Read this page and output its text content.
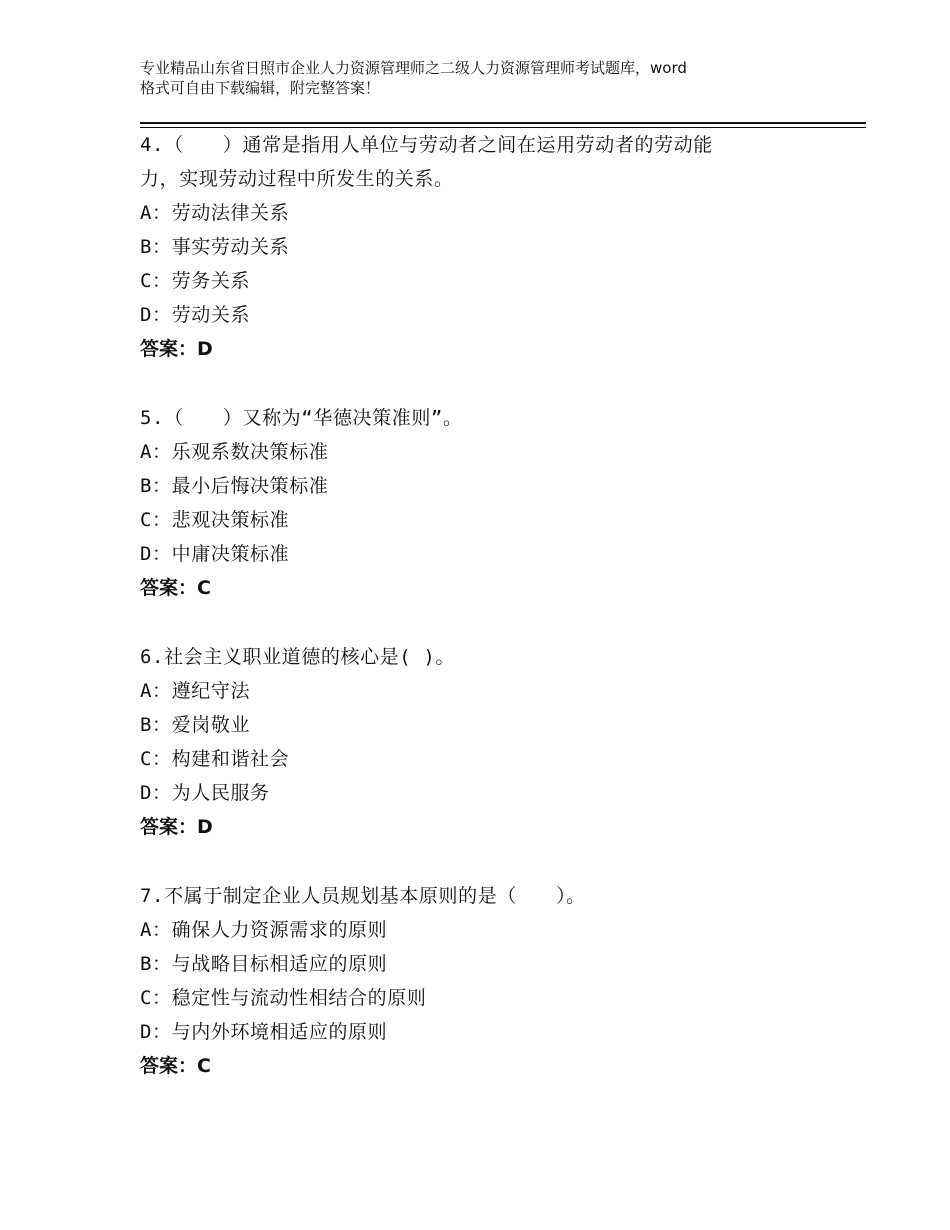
专业精品山东省日照市企业人力资源管理师之二级人力资源管理师考试题库，word
格式可自由下载编辑，附完整答案！
4.（　　）通常是指用人单位与劳动者之间在运用劳动者的劳动能
力，实现劳动过程中所发生的关系。
A：劳动法律关系
B：事实劳动关系
C：劳务关系
D：劳动关系
答案：D
5.（　　）又称为“华德决策准则”。
A：乐观系数决策标准
B：最小后悔决策标准
C：悲观决策标准
D：中庸决策标准
答案：C
6.社会主义职业道德的核心是( )。
A：遵纪守法
B：爱岗敬业
C：构建和谐社会
D：为人民服务
答案：D
7.不属于制定企业人员规划基本原则的是（　　）。
A：确保人力资源需求的原则
B：与战略目标相适应的原则
C：稳定性与流动性相结合的原则
D：与内外环境相适应的原则
答案：C
